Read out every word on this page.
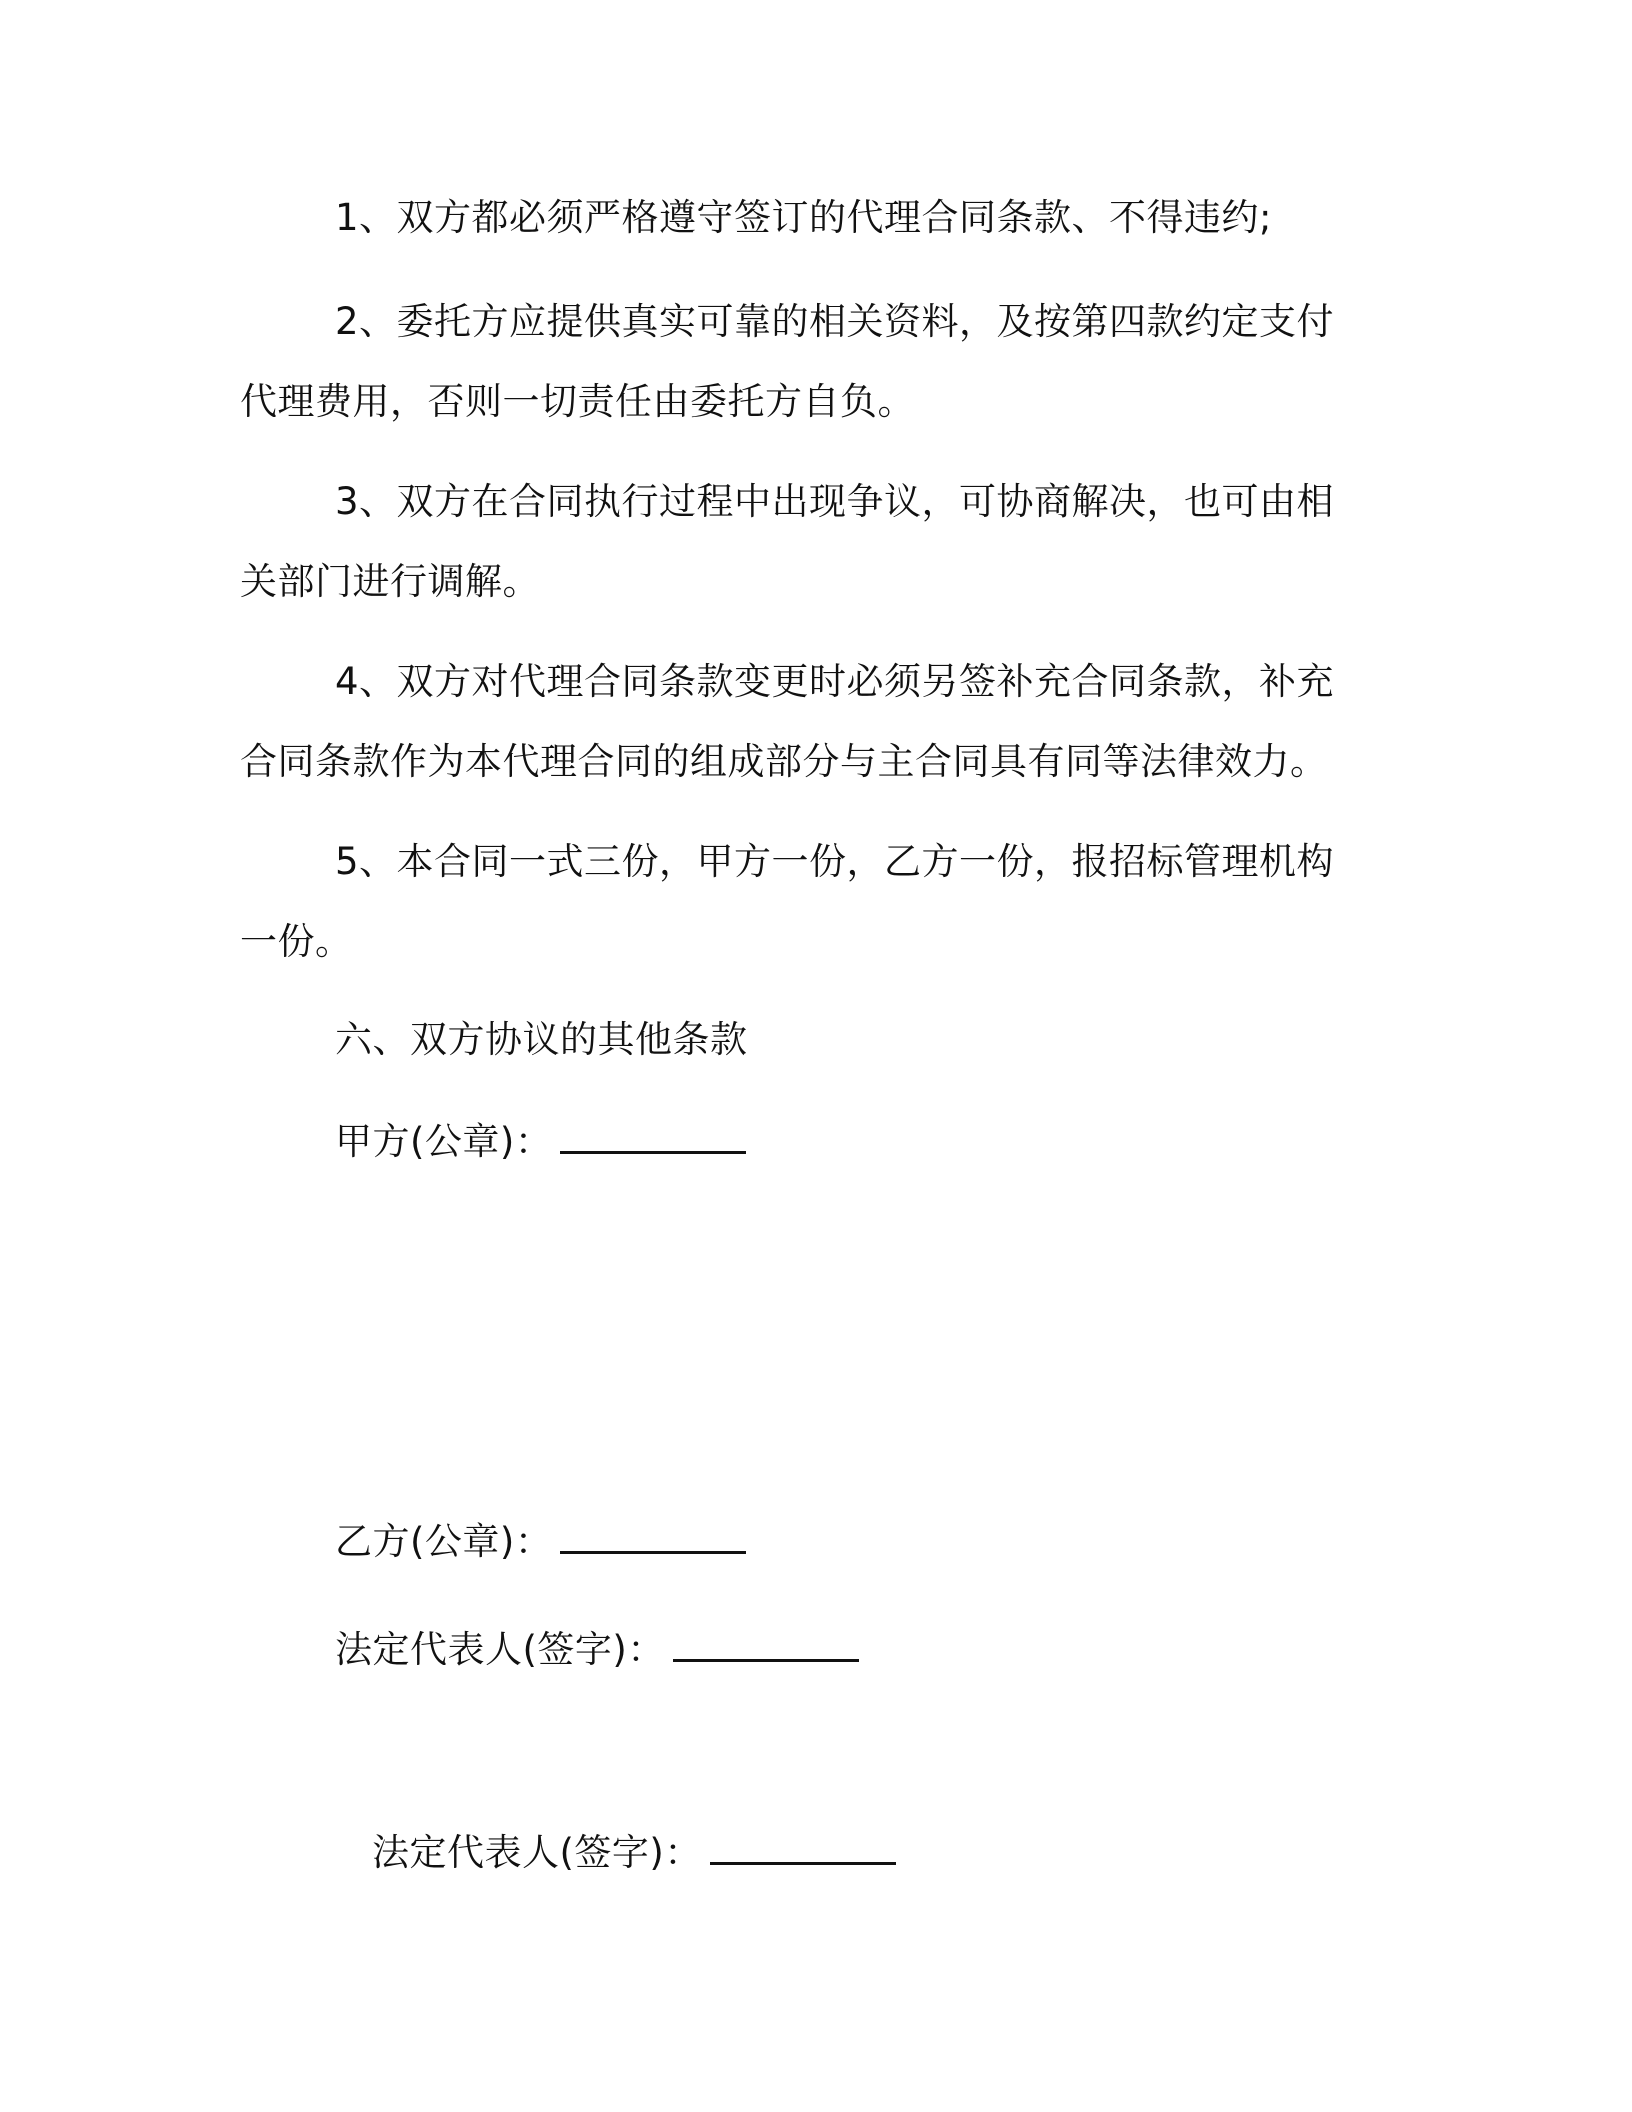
1、双方都必须严格遵守签订的代理合同条款、不得违约;

2、委托方应提供真实可靠的相关资料，及按第四款约定支付代理费用，否则一切责任由委托方自负。

3、双方在合同执行过程中出现争议，可协商解决，也可由相关部门进行调解。

4、双方对代理合同条款变更时必须另签补充合同条款，补充合同条款作为本代理合同的组成部分与主合同具有同等法律效力。

5、本合同一式三份，甲方一份，乙方一份，报招标管理机构一份。

六、双方协议的其他条款

甲方(公章)：

乙方(公章)：

法定代表人(签字)：

法定代表人(签字)：
